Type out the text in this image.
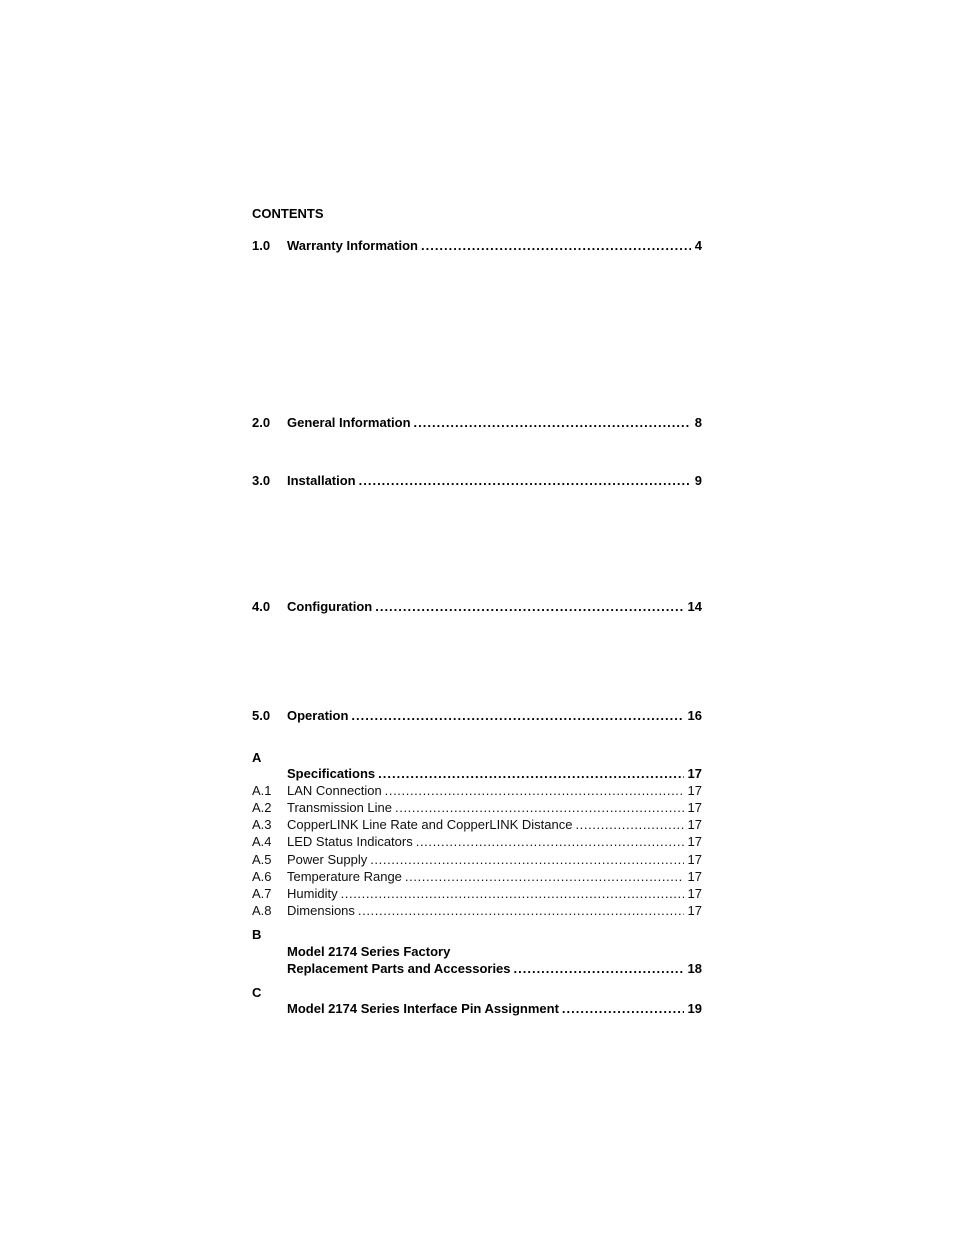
CONTENTS
1.0	Warranty Information .....	4
2.0	General Information .....	8
3.0	Installation .....	9
4.0	Configuration .....	14
5.0	Operation .....	16
A
Specifications .....	17
A.1	LAN Connection .....	17
A.2	Transmission Line .....	17
A.3	CopperLINK Line Rate and CopperLINK Distance .....	17
A.4	LED Status Indicators .....	17
A.5	Power Supply .....	17
A.6	Temperature Range .....	17
A.7	Humidity .....	17
A.8	Dimensions .....	17
B
Model 2174 Series Factory
Replacement Parts and Accessories .....	18
C
Model 2174 Series Interface Pin Assignment .....	19
